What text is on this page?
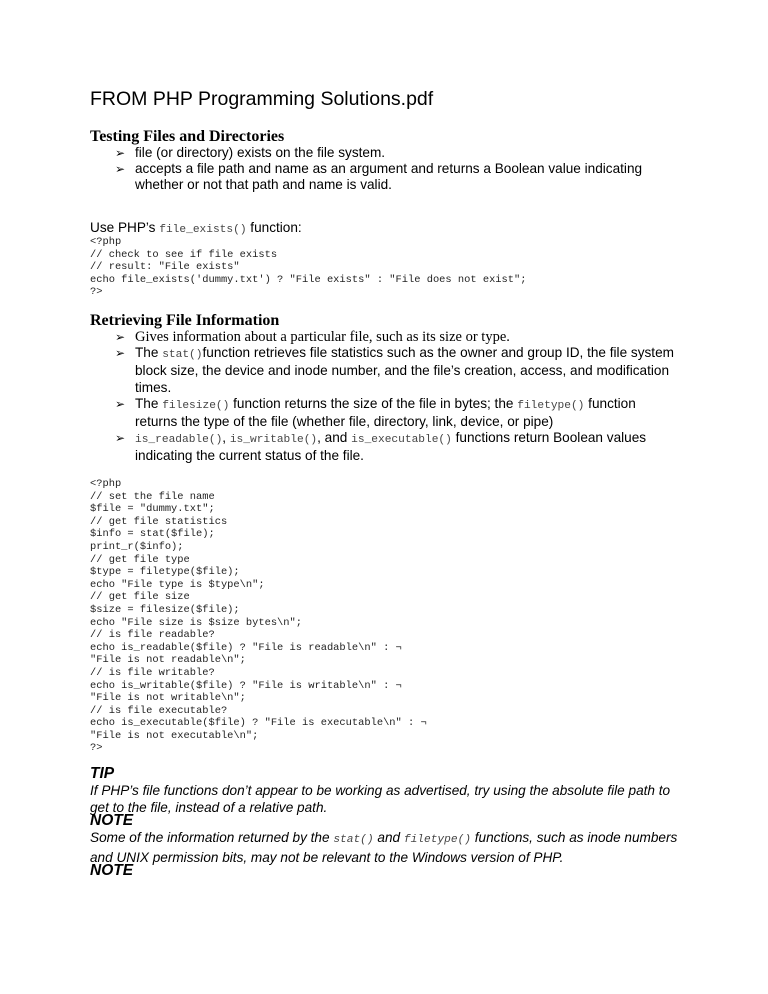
FROM PHP Programming Solutions.pdf
Testing Files and Directories
➢ file (or directory) exists on the file system.
➢ accepts a file path and name as an argument and returns a Boolean value indicating whether or not that path and name is valid.
Use PHP’s file_exists() function:
<?php
// check to see if file exists
// result: "File exists"
echo file_exists('dummy.txt') ? "File exists" : "File does not exist";
?>
Retrieving File Information
➢ Gives information about a particular file, such as its size or type.
➢ The stat()function retrieves file statistics such as the owner and group ID, the file system block size, the device and inode number, and the file’s creation, access, and modification times.
➢ The filesize() function returns the size of the file in bytes; the filetype() function returns the type of the file (whether file, directory, link, device, or pipe)
➢ is_readable(), is_writable(), and is_executable() functions return Boolean values indicating the current status of the file.
<?php
// set the file name
$file = "dummy.txt";
// get file statistics
$info = stat($file);
print_r($info);
// get file type
$type = filetype($file);
echo "File type is $type\n";
// get file size
$size = filesize($file);
echo "File size is $size bytes\n";
// is file readable?
echo is_readable($file) ? "File is readable\n" : ¬
"File is not readable\n";
// is file writable?
echo is_writable($file) ? "File is writable\n" : ¬
"File is not writable\n";
// is file executable?
echo is_executable($file) ? "File is executable\n" : ¬
"File is not executable\n";
?>
TIP
If PHP’s file functions don’t appear to be working as advertised, try using the absolute file path to get to the file, instead of a relative path.
NOTE
Some of the information returned by the stat() and filetype() functions, such as inode numbers and UNIX permission bits, may not be relevant to the Windows version of PHP.
NOTE
